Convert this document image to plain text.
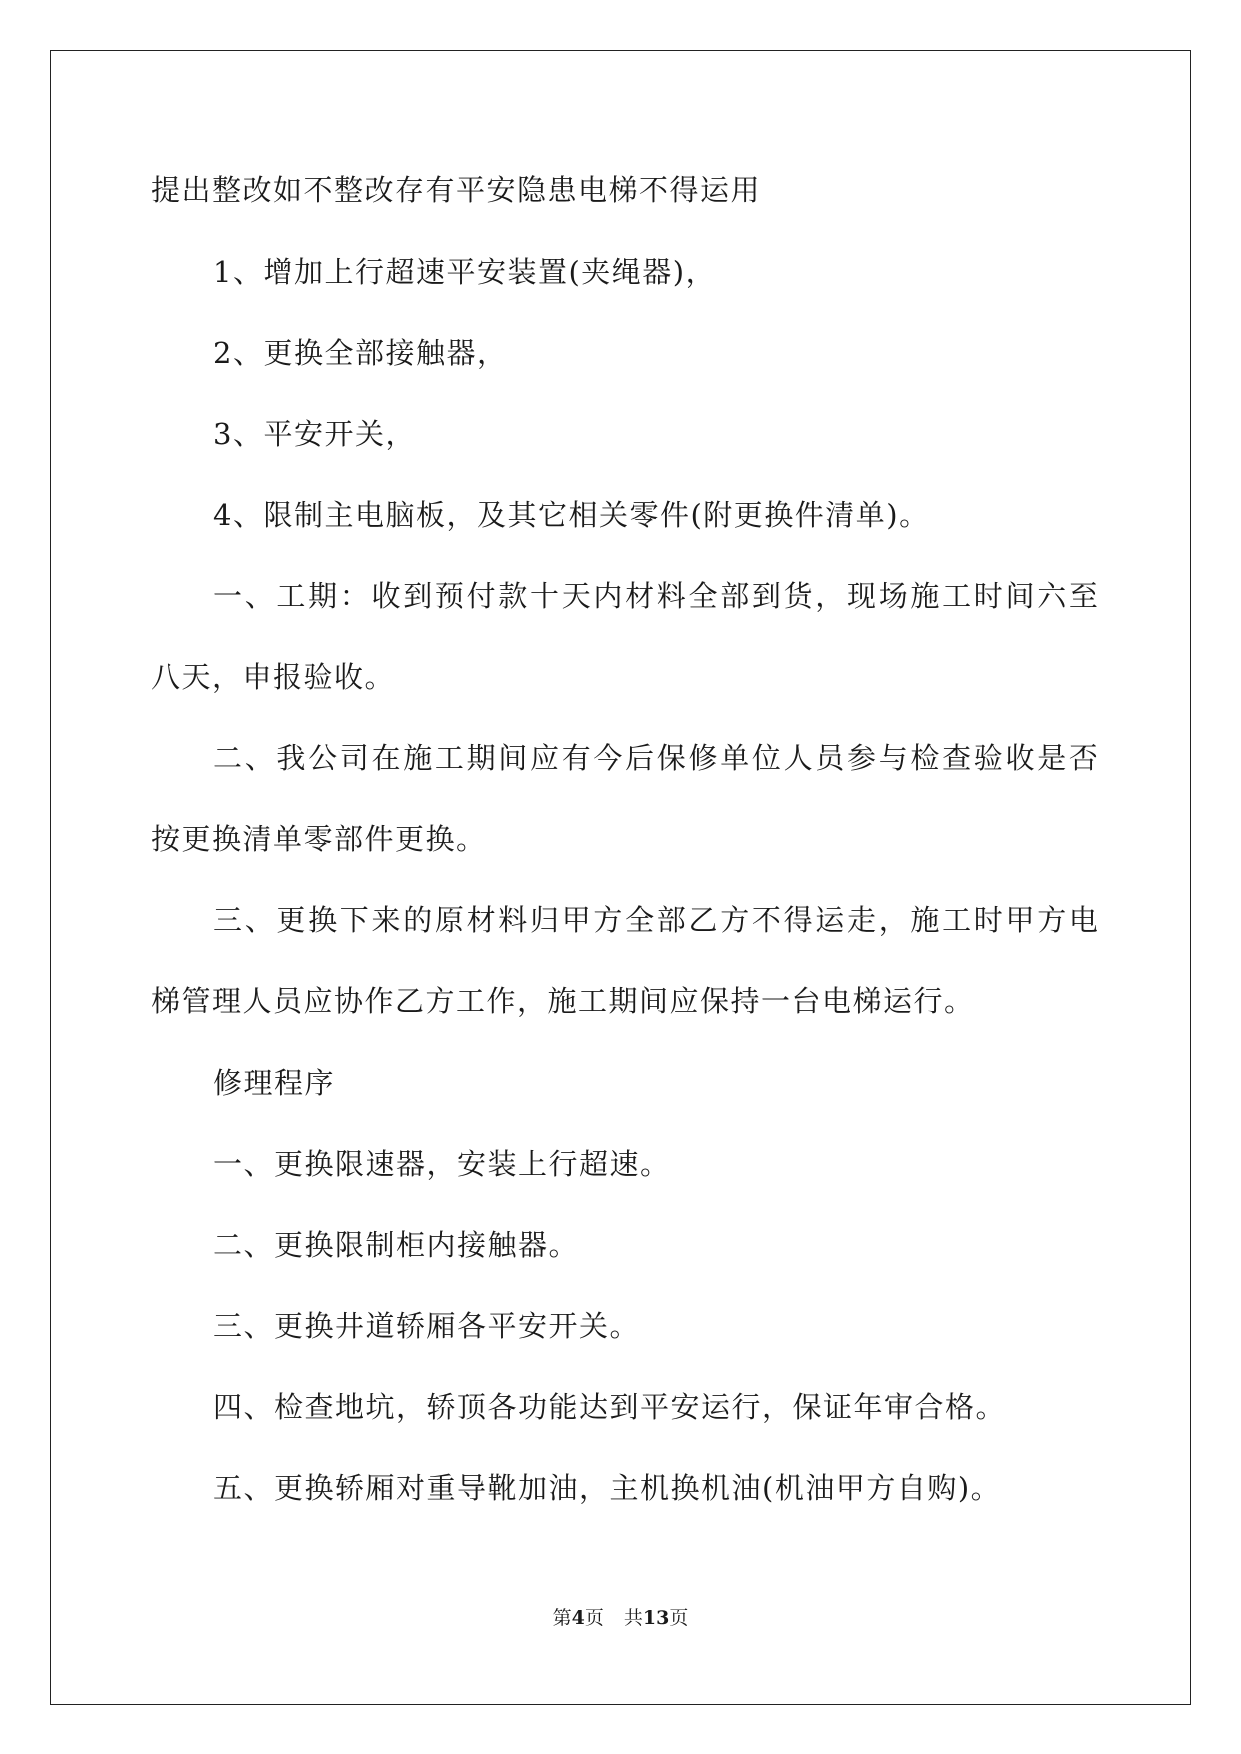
提出整改如不整改存有平安隐患电梯不得运用
1、增加上行超速平安装置(夹绳器)，
2、更换全部接触器，
3、平安开关，
4、限制主电脑板，及其它相关零件(附更换件清单)。
一、工期：收到预付款十天内材料全部到货，现场施工时间六至
八天，申报验收。
二、我公司在施工期间应有今后保修单位人员参与检查验收是否
按更换清单零部件更换。
三、更换下来的原材料归甲方全部乙方不得运走，施工时甲方电
梯管理人员应协作乙方工作，施工期间应保持一台电梯运行。
修理程序
一、更换限速器，安装上行超速。
二、更换限制柜内接触器。
三、更换井道轿厢各平安开关。
四、检查地坑，轿顶各功能达到平安运行，保证年审合格。
五、更换轿厢对重导靴加油，主机换机油(机油甲方自购)。
第4页 共13页
